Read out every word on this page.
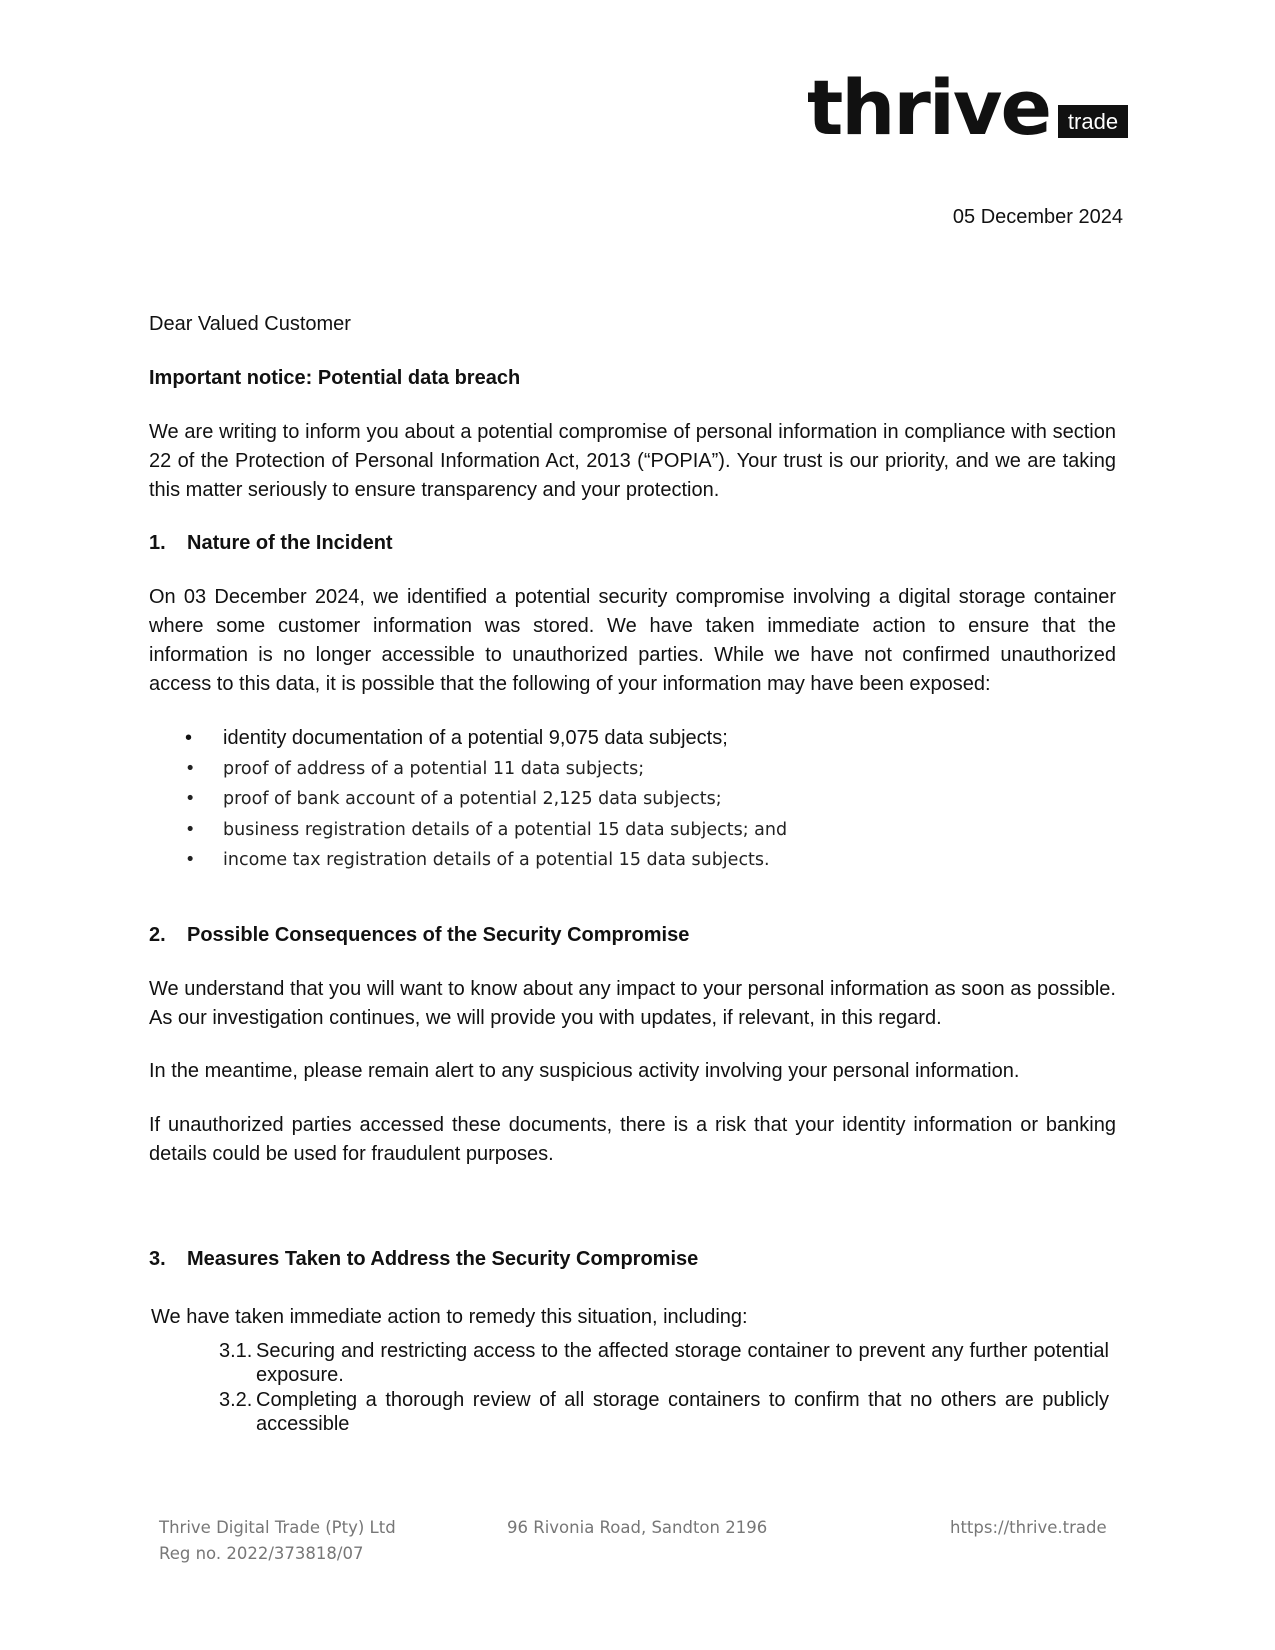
thrive trade
05 December 2024
Dear Valued Customer
Important notice: Potential data breach
We are writing to inform you about a potential compromise of personal information in compliance with section 22 of the Protection of Personal Information Act, 2013 (“POPIA”). Your trust is our priority, and we are taking this matter seriously to ensure transparency and your protection.
1. Nature of the Incident
On 03 December 2024, we identified a potential security compromise involving a digital storage container where some customer information was stored. We have taken immediate action to ensure that the information is no longer accessible to unauthorized parties. While we have not confirmed unauthorized access to this data, it is possible that the following of your information may have been exposed:
• identity documentation of a potential 9,075 data subjects;
• proof of address of a potential 11 data subjects;
• proof of bank account of a potential 2,125 data subjects;
• business registration details of a potential 15 data subjects; and
• income tax registration details of a potential 15 data subjects.
2. Possible Consequences of the Security Compromise
We understand that you will want to know about any impact to your personal information as soon as possible. As our investigation continues, we will provide you with updates, if relevant, in this regard.
In the meantime, please remain alert to any suspicious activity involving your personal information.
If unauthorized parties accessed these documents, there is a risk that your identity information or banking details could be used for fraudulent purposes.
3. Measures Taken to Address the Security Compromise
We have taken immediate action to remedy this situation, including:
3.1. Securing and restricting access to the affected storage container to prevent any further potential exposure.
3.2. Completing a thorough review of all storage containers to confirm that no others are publicly accessible
Thrive Digital Trade (Pty) Ltd
Reg no. 2022/373818/07
96 Rivonia Road, Sandton 2196	https://thrive.trade
